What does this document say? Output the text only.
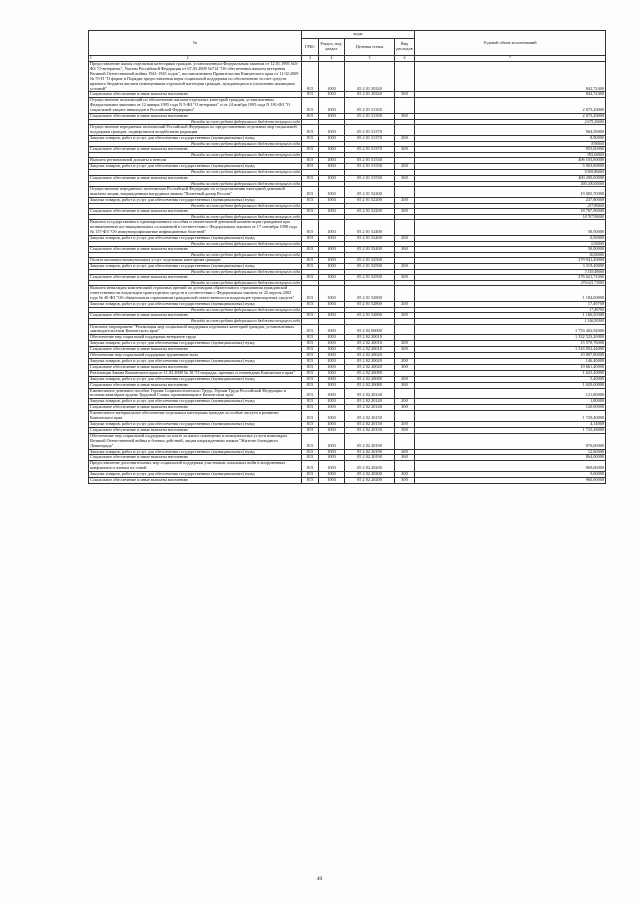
№	коды				Годовой объем ассигнований
	ГРБС	Раздел, под-раздел	Целевая статья	Вид расходов	
1 2	3	4	5	6	7
Предоставление жилья отдельным категориям граждан, установленным Федеральным законом от 12.01.1995 №5-ФЗ "О ветеранах", Указом Российской Федерации от 07.05.2008 №714 "Об обеспечении жильем ветеранов Великой Отечественной войны 1941-1945 годов", постановлением Правительства Камчатского края от 11.02.2009 № 70-П "О форме и Порядке предоставления меры социальной поддержки по обеспечению за счет средств краевого бюджета жильем помещениями отдельной категории граждан, нуждающихся в улучшении жилищных условий"	815	1003	05 2 01 20320		842,72400
Социальное обеспечение и иные выплаты населению	815	1003	05 2 01 20320	300	842,72400
Осуществление полномочий по обеспечению жильем отдельных категорий граждан, установленных Федеральными законами от 12 января 1995 года N 5-ФЗ "О ветеранах" и от 24 ноября 1995 года N 181-ФЗ "О социальной защите инвалидов в Российской Федерации"	815	1003	05 2 01 51350		2 675,20000
Социальное обеспечение и иные выплаты населению	815	1003	05 2 01 51350	300	2 675,20000
Расходы за счет средств федерального бюджета текущего года					2 675,20000
Осуществление переданных полномочий Российской Федерации по предоставлению отдельных мер социальной поддержки граждан, подвергшихся воздействию радиации	815	1003	05 2 01 51370		964,50000
Закупка товаров, работ и услуг для обеспечения государственных (муниципальных) нужд	815	1003	05 2 01 51370	200	8,90000
Расходы за счет средств федерального бюджета текущего года					8,90000
Социальное обеспечение и иные выплаты населению	815	1003	05 2 01 51370	300	955,60000
Расходы за счет средств федерального бюджета текущего года					955,60000
Выплата региональной доплаты к пенсии	815	1003	05 2 01 51530		406 103,80000
Закупка товаров, работ и услуг для обеспечения государственных (муниципальных) нужд	815	1003	05 2 01 51530	200	5 903,80000
Расходы за счет средств федерального бюджета текущего года					5 903,80000
Социальное обеспечение и иные выплаты населению	815	1003	05 2 01 51530	300	400 200,00000
Расходы за счет средств федерального бюджета текущего года					400 200,00000
Осуществление переданного полномочия Российской Федерации по осуществлению ежегодной денежной выплаты лицам, награжденным нагрудным знаком "Почетный донор России"	815	1003	05 2 01 52200		19 005,70000
Закупка товаров, работ и услуг для обеспечения государственных (муниципальных) нужд	815	1003	05 2 01 52200	200	237,80000
Расходы за счет средств федерального бюджета текущего года					237,80000
Социальное обеспечение и иные выплаты населению	815	1003	05 2 01 52200	300	18 767,90000
Расходы за счет средств федерального бюджета текущего года					18 767,90000
Выплата государственного единовременного пособия и ежемесячной денежной компенсации гражданам при возникновении поствакцинальных осложнений в соответствии с Федеральным законом от 17 сентября 1998 года № 157-ФЗ "Об иммунопрофилактике инфекционных болезней"	815	1003	05 2 01 52400		50,50000
Закупка товаров, работ и услуг для обеспечения государственных (муниципальных) нужд	815	1003	05 2 01 52400	200	0,50000
Расходы за счет средств федерального бюджета текущего года					0,50000
Социальное обеспечение и иные выплаты населению	815	1003	05 2 01 52400	300	50,00000
Расходы за счет средств федерального бюджета текущего года					50,00000
Оплата жилищно-коммунальных услуг отдельным категориям граждан	815	1003	05 2 01 52500		279 941,20000
Закупка товаров, работ и услуг для обеспечения государственных (муниципальных) нужд	815	1003	05 2 01 52500	200	3 319,49000
Расходы за счет средств федерального бюджета текущего года					3 319,49000
Социальное обеспечение и иные выплаты населению	815	1003	05 2 01 52500	300	276 621,71000
Расходы за счет средств федерального бюджета текущего года					276 621,71000
Выплата инвалидам компенсаций страховых премий по договорам обязательного страхования гражданской ответственности владельцев транспортных средств в соответствии с Федеральным законом от 25 апреля 2002 года № 40-ФЗ "Об обязательном страховании гражданской ответственности владельцев транспортных средств"	815	1003	05 2 01 52800		1 184,00000
Закупка товаров, работ и услуг для обеспечения государственных (муниципальных) нужд	815	1003	05 2 01 52800	200	17,49700
Расходы за счет средств федерального бюджета текущего года					17,49700
Социальное обеспечение и иные выплаты населению	815	1003	05 2 01 52800	300	1 166,50300
Расходы за счет средств федерального бюджета текущего года					1 166,50300
Основное мероприятие "Реализация мер социальной поддержки отдельных категорий граждан, установленных законодательством Камчатского края"	815	1003	05 2 02 00000		1 733 402,92000
Обеспечение мер социальной поддержки ветеранов труда	815	1003	05 2 02 20010		1 332 523,20000
Закупка товаров, работ и услуг для обеспечения государственных (муниципальных) нужд	815	1003	05 2 02 20010	200	15 570,76000
Социальное обеспечение и иные выплаты населению	815	1003	05 2 02 20010	300	1 316 952,44000
Обеспечение мер социальной поддержки тружеников тыла	815	1003	05 2 02 20020		10 807,80000
Закупка товаров, работ и услуг для обеспечения государственных (муниципальных) нужд	815	1003	05 2 02 20020	200	146,40000
Социальное обеспечение и иные выплаты населению	815	1003	05 2 02 20020	300	10 661,40000
Реализация Закона Камчатского края от 11.03.2008 № 18 "О наградах, премиях и стипендиях Камчатского края"	815	1003	05 2 02 20080		1 625,40000
Закупка товаров, работ и услуг для обеспечения государственных (муниципальных) нужд	815	1003	05 2 02 20080	200	5,40000
Социальное обеспечение и иные выплаты населению	815	1003	05 2 02 20080	300	1 620,00000
Ежемесячное денежное пособие Героям Социалистического Труда, Героям Труда Российской Федерации и полным кавалерам ордена Трудовой Славы, проживающим в Камчатском крае	815	1003	05 2 02 20140		121,80000
Закупка товаров, работ и услуг для обеспечения государственных (муниципальных) нужд	815	1003	05 2 02 20140	200	1,80000
Социальное обеспечение и иные выплаты населению	815	1003	05 2 02 20140	300	120,00000
Ежемесячное материальное обеспечение отдельным категориям граждан за особые заслуги в развитии Камчатского края	815	1003	05 2 02 20150		1 729,40000
Закупка товаров, работ и услуг для обеспечения государственных (муниципальных) нужд	815	1003	05 2 02 20150	200	4,14000
Социальное обеспечение и иные выплаты населению	815	1003	05 2 02 20150	300	1 725,26000
Обеспечение мер социальной поддержки по плате за жилое помещение и коммунальные услуги инвалидам Великой Отечественной войны и боевых действий, лицам награжденным знаком "Жителю блокадного Ленинграда"	815	1003	05 2 02 20190		876,60000
Закупка товаров, работ и услуг для обеспечения государственных (муниципальных) нужд	815	1003	05 2 02 20190	200	12,60000
Социальное обеспечение и иные выплаты населению	815	1003	05 2 02 20190	300	864,00000
Предоставление дополнительных мер социальной поддержки участникам локальных войн и вооруженных конфликтов и членам их семей	815	1003	05 2 02 20200		969,60000
Закупка товаров, работ и услуг для обеспечения государственных (муниципальных) нужд	815	1003	05 2 02 20200	200	9,60000
Социальное обеспечение и иные выплаты населению	815	1003	05 2 02 20200	300	960,00000
40
